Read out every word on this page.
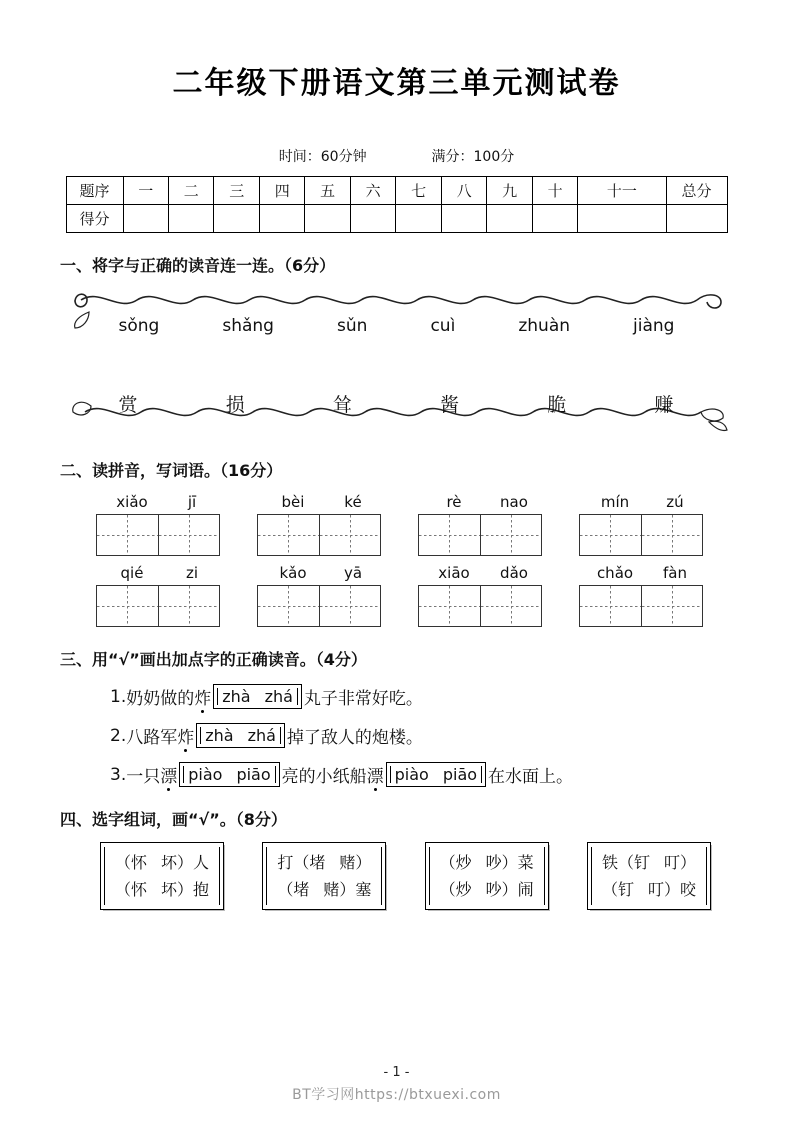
二年级下册语文第三单元测试卷
时间：60分钟	满分：100分
题序	一	二	三	四	五	六	七	八	九	十	十一	总分
得分												
一、将字与正确的读音连一连。（6分）
sǒng	shǎng	sǔn	cuì	zhuàn	jiàng
赏	损	耸	酱	脆	赚
二、读拼音，写词语。（16分）
xiǎo	jī	bèi	ké	rè	nao	mín	zú
qié	zi	kǎo	yā	xiāo	dǎo	chǎo	fàn
三、用“√”画出加点字的正确读音。（4分）
1. 奶奶做的 炸 zhà zhá 丸子非常好吃。
2. 八路军 炸 zhà zhá 掉了敌人的炮楼。
3. 一只 漂 piào piāo 亮的小纸船 漂 piào piāo 在水面上。
四、选字组词，画“√”。（8分）
（怀 坏）人
（怀 坏）抱
打（堵 赌）
（堵 赌）塞
（炒 吵）菜
（炒 吵）闹
铁（钉 叮）
（钉 叮）咬
- 1 -
BT学习网https://btxuexi.com
